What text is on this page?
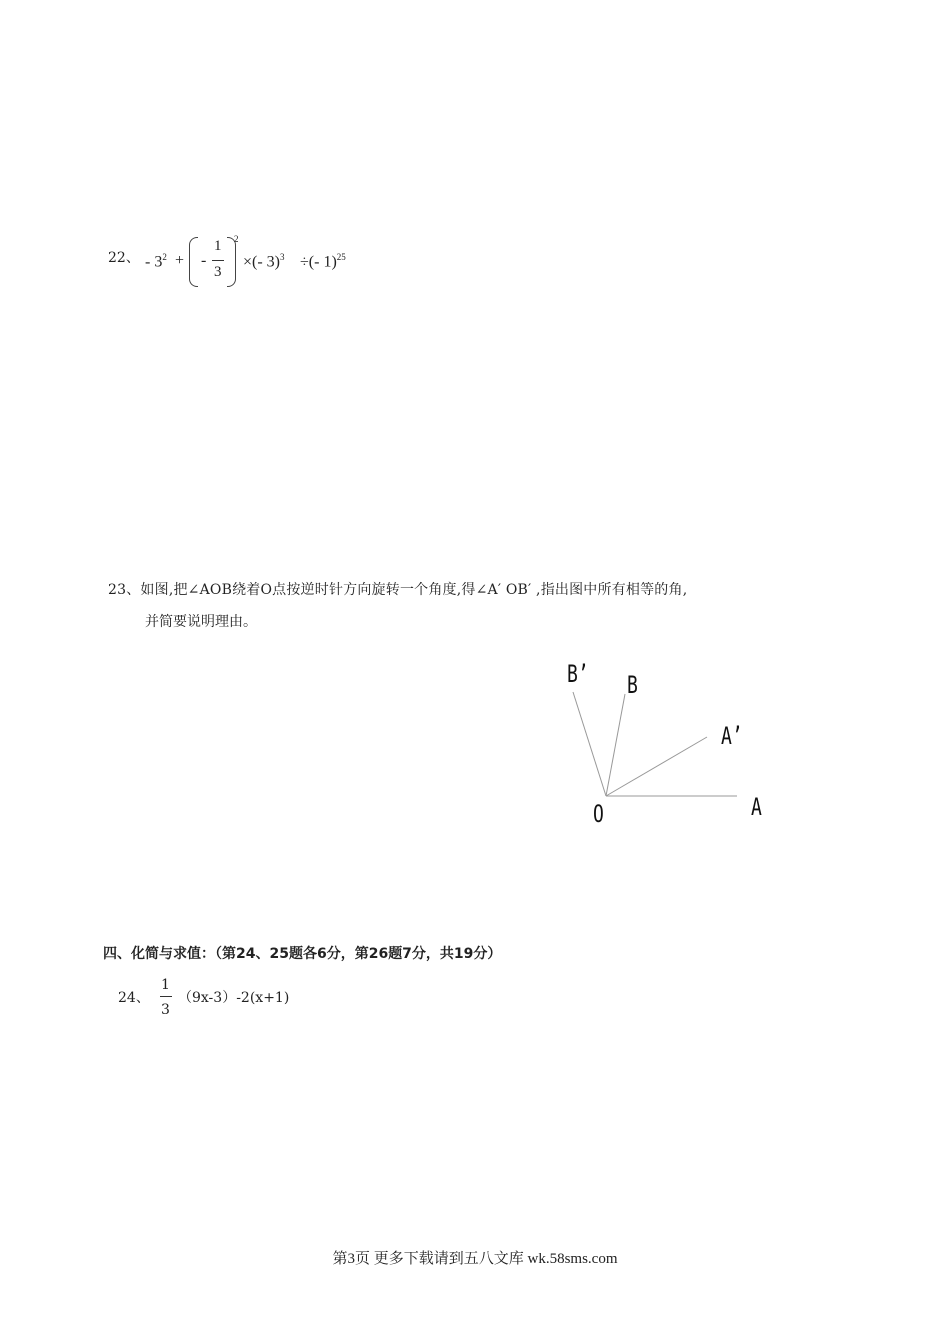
22、 - $3^2$ + -
1
3
2
×(- 3)$^3$ ÷(- 1)$^{25}$
23、如图,把∠AOB绕着O点按逆时针方向旋转一个角度,得∠A′ OB′ ,指出图中所有相等的角,
并简要说明理由。
B’ B
A’
O	A
四、化简与求值：（第24、25题各6分，第26题7分，共19分）
24、
1
3
（9x-3）-2(x+1)
第3页 更多下载请到五八文库 wk.58sms.com
